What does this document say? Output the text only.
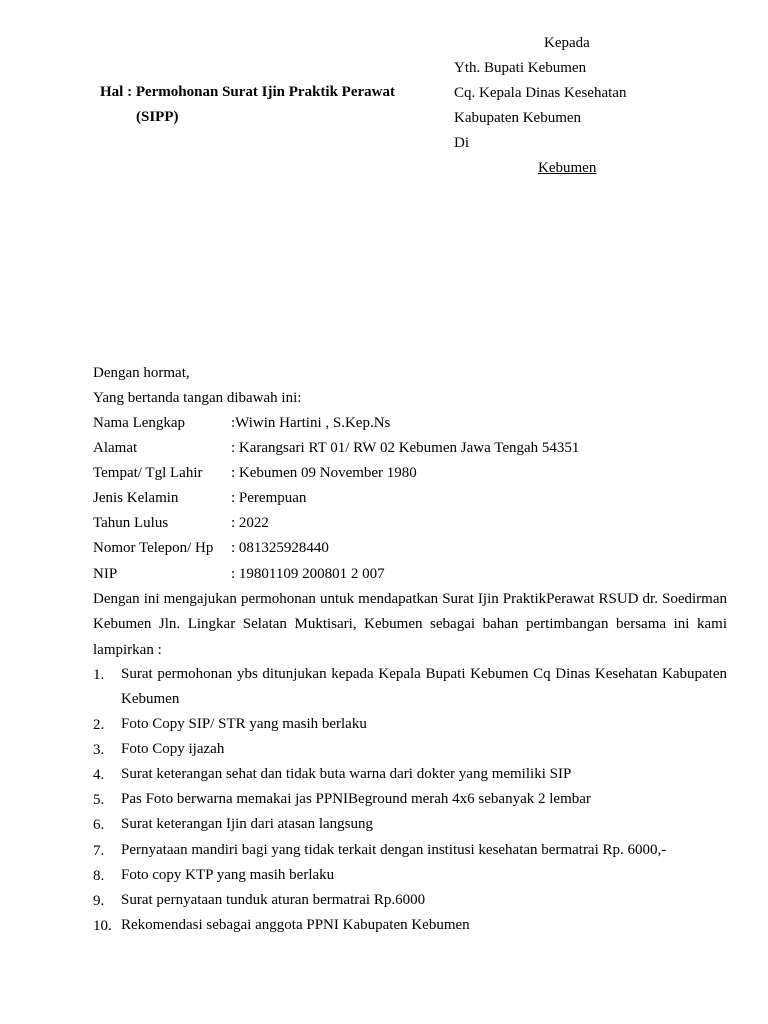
Kepada
Yth. Bupati Kebumen
Cq. Kepala Dinas Kesehatan
Kabupaten Kebumen
Di
Kebumen
Hal : Permohonan Surat Ijin Praktik Perawat
(SIPP)
Dengan hormat,
Yang bertanda tangan dibawah ini:
Nama Lengkap	:Wiwin Hartini , S.Kep.Ns
Alamat	: Karangsari RT 01/ RW 02 Kebumen Jawa Tengah 54351
Tempat/ Tgl Lahir : Kebumen 09 November 1980
Jenis Kelamin	: Perempuan
Tahun Lulus	: 2022
Nomor Telepon/ Hp : 081325928440
NIP	: 19801109 200801 2 007
Dengan ini mengajukan permohonan untuk mendapatkan Surat Ijin PraktikPerawat RSUD dr. Soedirman Kebumen Jln. Lingkar Selatan Muktisari, Kebumen sebagai bahan pertimbangan bersama ini kami lampirkan :
1. Surat permohonan ybs ditunjukan kepada Kepala Bupati Kebumen Cq Dinas Kesehatan Kabupaten Kebumen
2. Foto Copy SIP/ STR yang masih berlaku
3. Foto Copy ijazah
4. Surat keterangan sehat dan tidak buta warna dari dokter yang memiliki SIP
5. Pas Foto berwarna memakai jas PPNIBeground merah 4x6 sebanyak 2 lembar
6. Surat keterangan Ijin dari atasan langsung
7. Pernyataan mandiri bagi yang tidak terkait dengan institusi kesehatan bermatrai Rp. 6000,-
8. Foto copy KTP yang masih berlaku
9. Surat pernyataan tunduk aturan bermatrai Rp.6000
10. Rekomendasi sebagai anggota PPNI Kabupaten Kebumen
